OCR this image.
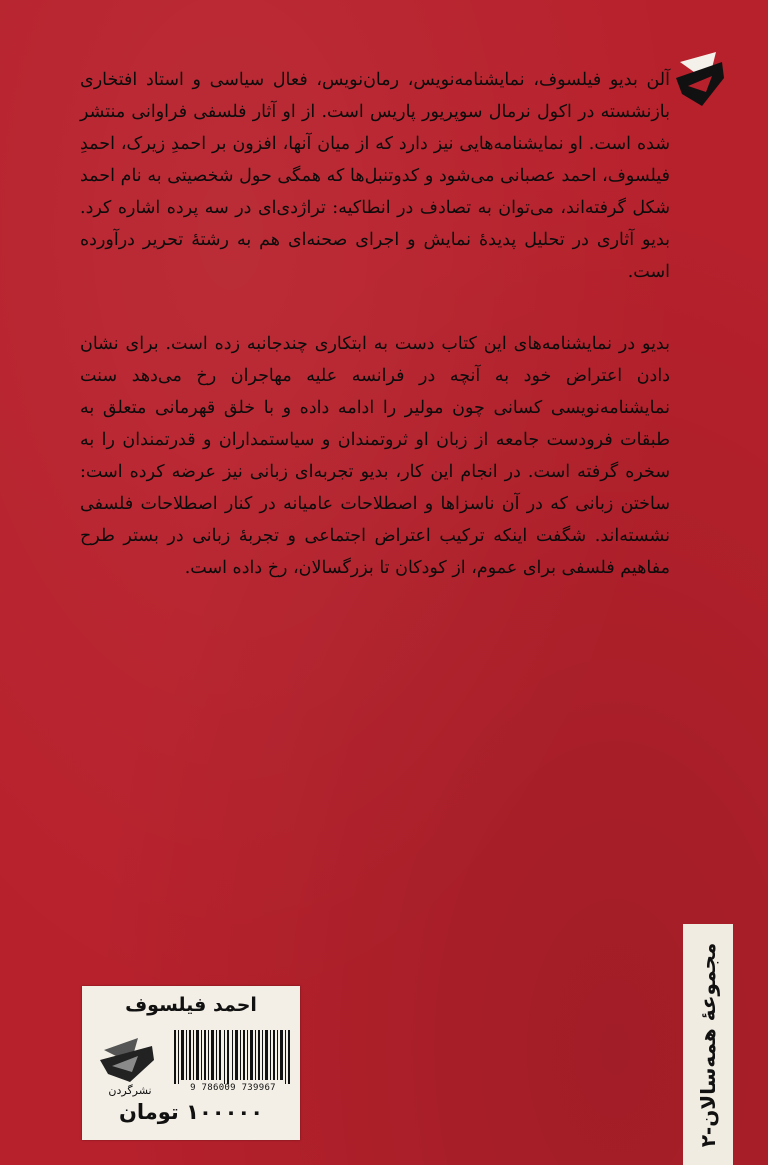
آلن بدیو فیلسوف، نمایشنامه‌نویس، رمان‌نویس، فعال سیاسی و استاد افتخاری بازنشسته در اکول نرمال سوپریور پاریس است. از او آثار فلسفی فراوانی منتشر شده است. او نمایشنامه‌هایی نیز دارد که از میان آنها، افزون بر احمدِ زیرک، احمدِ فیلسوف، احمد عصبانی می‌شود و کدوتنبل‌ها که همگی حول شخصیتی به نام احمد شکل گرفته‌اند، می‌توان به تصادف در انطاکیه: تراژدی‌ای در سه پرده اشاره کرد. بدیو آثاری در تحلیل پدیدهٔ نمایش و اجرای صحنه‌ای هم به رشتهٔ تحریر درآورده است.

بدیو در نمایشنامه‌های این کتاب دست به ابتکاری چندجانبه زده است. برای نشان دادن اعتراض خود به آنچه در فرانسه علیه مهاجران رخ می‌دهد سنت نمایشنامه‌نویسی کسانی چون مولیر را ادامه داده و با خلق قهرمانی متعلق به طبقات فرودست جامعه از زبان او ثروتمندان و سیاستمداران و قدرتمندان را به سخره گرفته است. در انجام این کار، بدیو تجربه‌ای زبانی نیز عرضه کرده است: ساختن زبانی که در آن ناسزاها و اصطلاحات عامیانه در کنار اصطلاحات فلسفی نشسته‌اند. شگفت اینکه ترکیب اعتراض اجتماعی و تجربهٔ زبانی در بستر طرح مفاهیم فلسفی برای عموم، از کودکان تا بزرگسالان، رخ داده است.

مجموعهٔ همه‌سالان-۲
احمد فیلسوف
9 786009 739967
نشرگردن
۱۰۰۰۰۰ تومان
